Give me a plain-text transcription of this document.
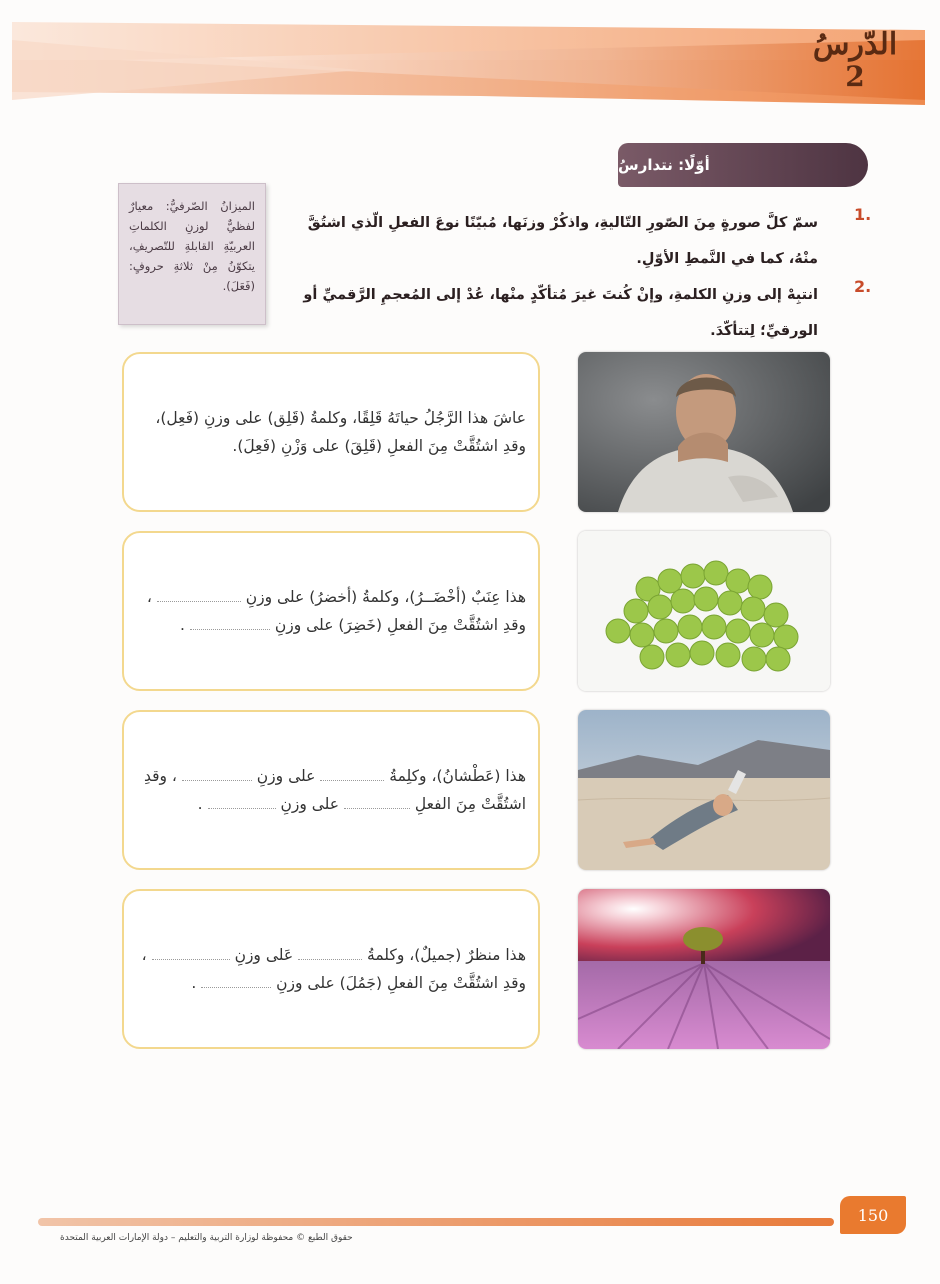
الدّرسُ
2
أوّلًا: نتدارسُ
الميزانُ الصّرفيُّ: معيارٌ لفظيٌّ لوزنِ الكلماتِ العربيّةِ القابلةِ للتّصريفِ، يتكوّنُ مِنْ ثلاثةِ حروفٍ: (فَعَلَ).
1.
سمّ كلَّ صورةٍ مِنَ الصّورِ التّاليةِ، واذكُرْ وزنَها، مُبيّنًا نوعَ الفعلِ الّذي اشتُقَّ منْهُ، كما في النَّمطِ الأوّلِ.
2.
انتبِهْ إلى وزنِ الكلمةِ، وإنْ كُنتَ غيرَ مُتأكّدٍ منْها، عُدْ إلى المُعجمِ الرَّقميِّ أو الورقيِّ؛ لِتتأكّدَ.

عاشَ هذا الرَّجُلُ حياتَهُ قَلِقًا، وكلمةُ (قَلِق) على وزنِ (فَعِل)،

وقدِ اشتُقَّتْ مِنَ الفعلِ (قَلِقَ) على وَزْنِ (فَعِلَ).

هذا عِنَبٌ (أخْضَــرُ)، وكلمةُ (أخضرُ) على وزنِ  ،

وقدِ اشتُقَّتْ مِنَ الفعلِ (خَضِرَ) على وزنِ  .

هذا (عَطْشانُ)، وكلِمةُ  على وزنِ  ، وقدِ

اشتُقَّتْ مِنَ الفعلِ  على وزنِ  .

هذا منظرٌ (جميلٌ)، وكلمةُ  عَلى وزنِ  ،

وقدِ اشتُقَّتْ مِنَ الفعلِ (جَمُلَ) على وزنِ  .

150
حقوق الطبع © محفوظة لوزارة التربية والتعليم – دولة الإمارات العربية المتحدة
